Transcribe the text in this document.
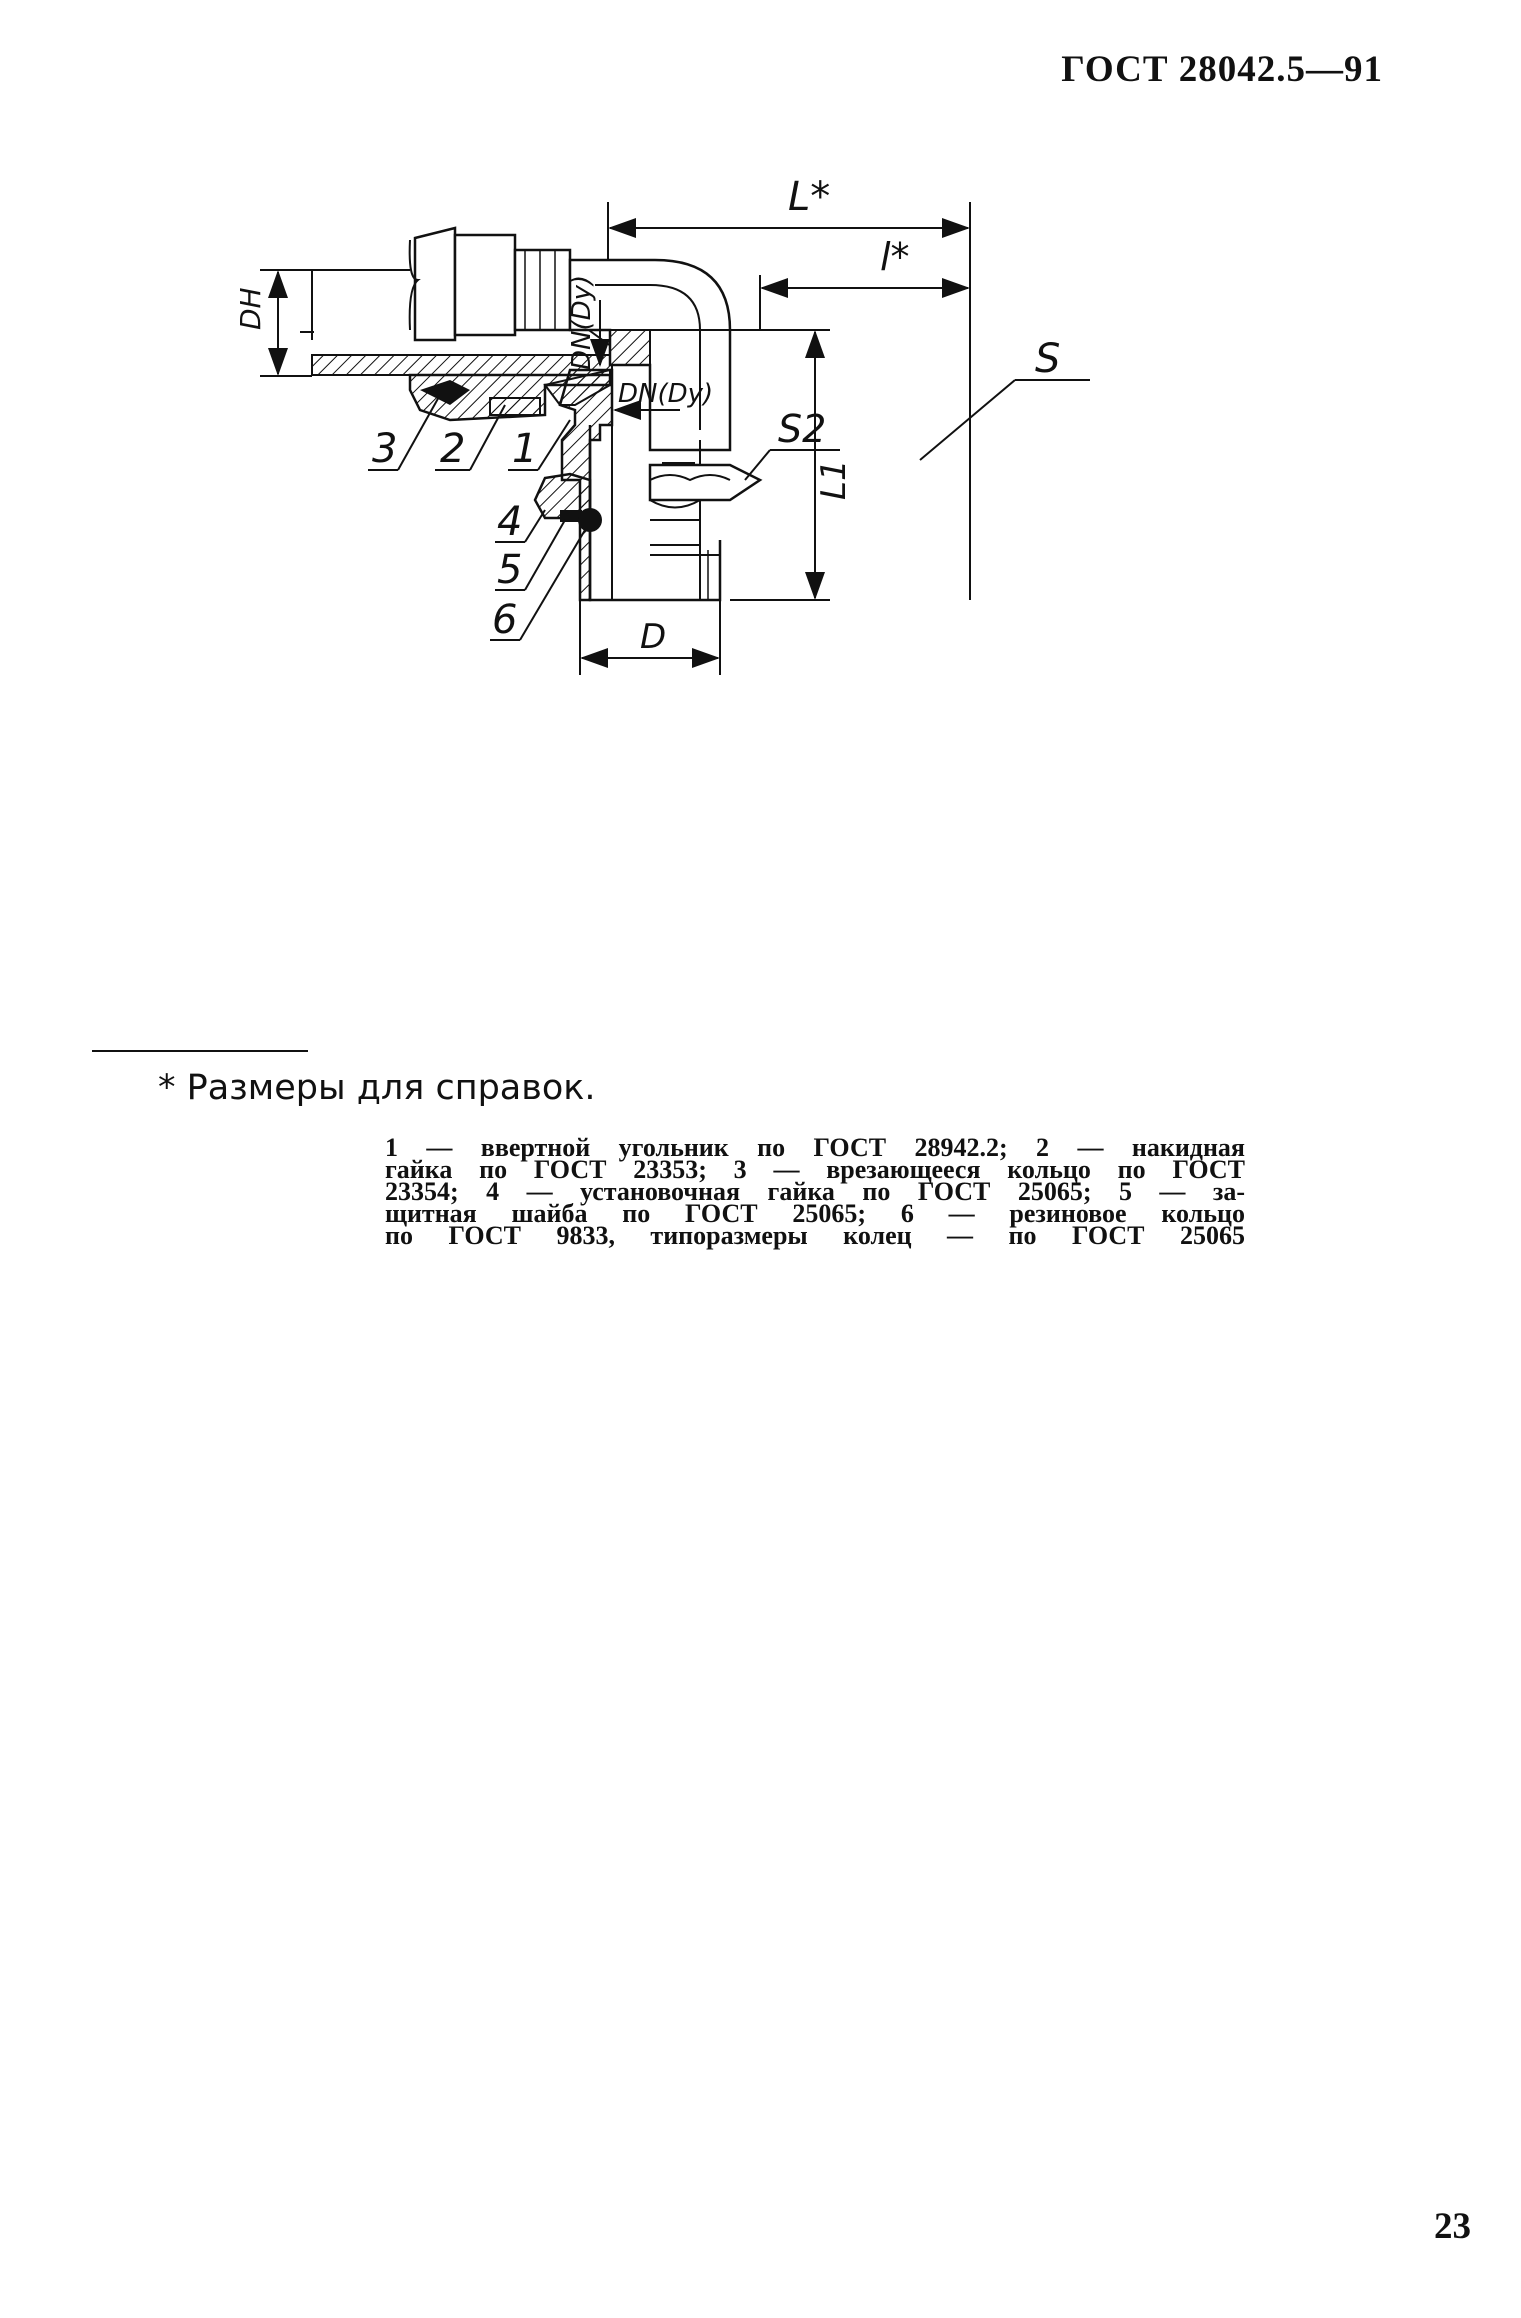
ГОСТ 28042.5—91
L*
l*
S
DH
S2
DN(Dy)
DN(Dy)
L1
D
3 2 1
4
5
6
* Размеры для справок.
1 — ввертной угольник по ГОСТ 28942.2; 2 — накидная
гайка по ГОСТ 23353; 3 — врезающееся кольцо по ГОСТ
23354; 4 — установочная гайка по ГОСТ 25065; 5 — за-
щитная шайба по ГОСТ 25065; 6 — резиновое кольцо
по ГОСТ 9833, типоразмеры колец — по ГОСТ 25065
23
